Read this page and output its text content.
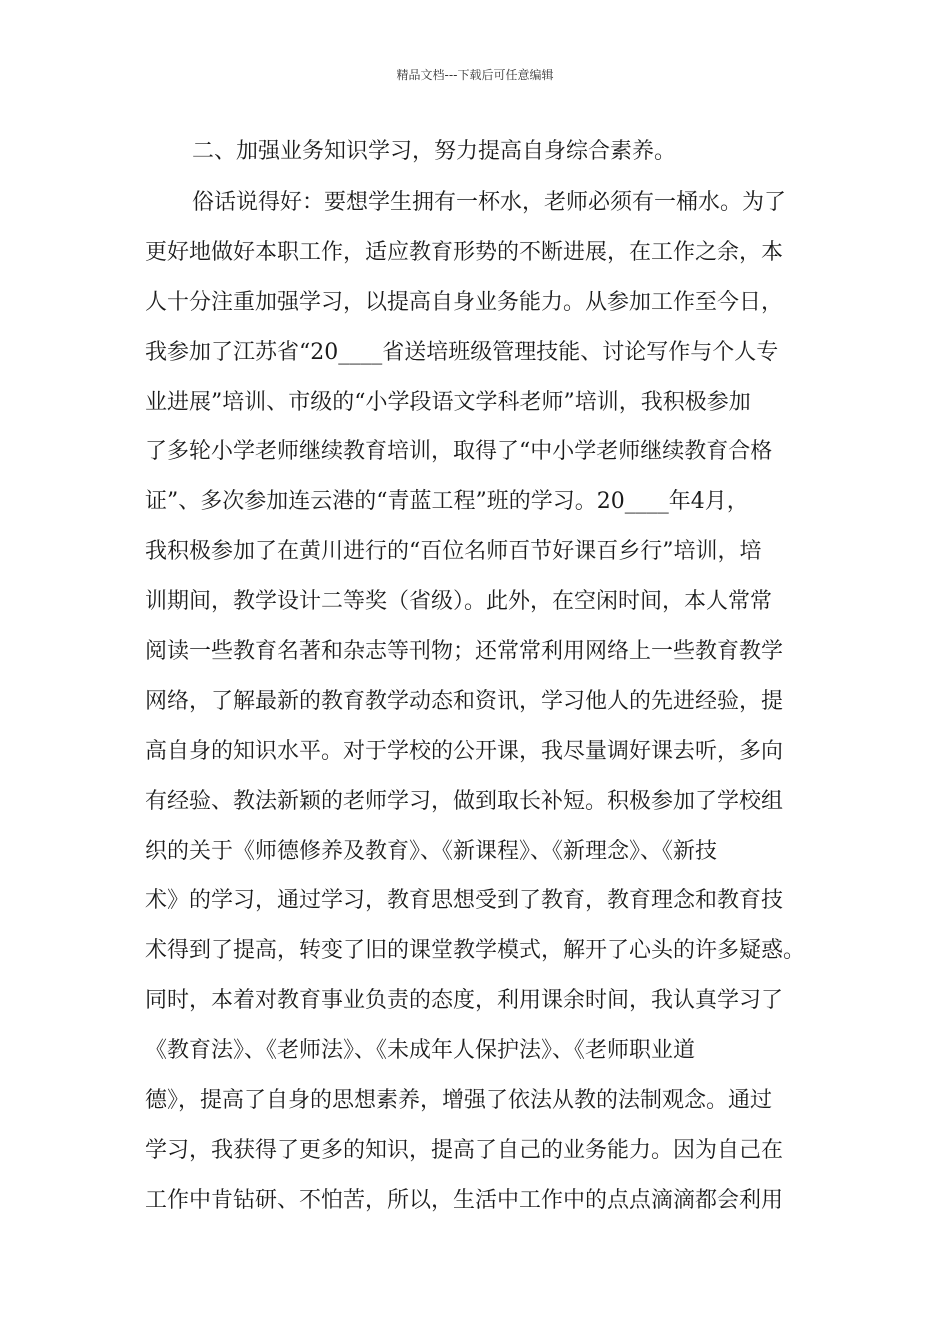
精品文档---下载后可任意编辑
二、加强业务知识学习，努力提高自身综合素养。
俗话说得好：要想学生拥有一杯水，老师必须有一桶水。为了
更好地做好本职工作，适应教育形势的不断进展，在工作之余，本
人十分注重加强学习，以提高自身业务能力。从参加工作至今日，
我参加了江苏省“20____省送培班级管理技能、讨论写作与个人专
业进展”培训、市级的“小学段语文学科老师”培训，我积极参加
了多轮小学老师继续教育培训，取得了“中小学老师继续教育合格
证”、多次参加连云港的“青蓝工程”班的学习。20____年4月，
我积极参加了在黄川进行的“百位名师百节好课百乡行”培训，培
训期间，教学设计二等奖（省级）。此外，在空闲时间，本人常常
阅读一些教育名著和杂志等刊物；还常常利用网络上一些教育教学
网络，了解最新的教育教学动态和资讯，学习他人的先进经验，提
高自身的知识水平。对于学校的公开课，我尽量调好课去听，多向
有经验、教法新颖的老师学习，做到取长补短。积极参加了学校组
织的关于《师德修养及教育》、《新课程》、《新理念》、《新技
术》的学习，通过学习，教育思想受到了教育，教育理念和教育技
术得到了提高，转变了旧的课堂教学模式，解开了心头的许多疑惑。
同时，本着对教育事业负责的态度，利用课余时间，我认真学习了
《教育法》、《老师法》、《未成年人保护法》、《老师职业道
德》，提高了自身的思想素养，增强了依法从教的法制观念。通过
学习，我获得了更多的知识，提高了自己的业务能力。因为自己在
工作中肯钻研、不怕苦，所以，生活中工作中的点点滴滴都会利用
